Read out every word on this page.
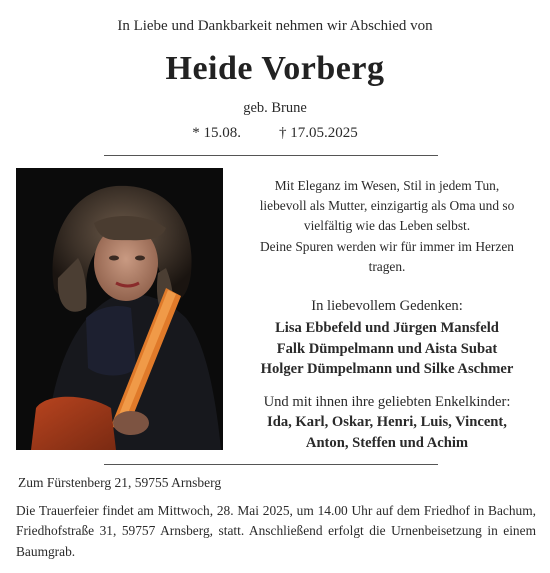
In Liebe und Dankbarkeit nehmen wir Abschied von
Heide Vorberg
geb. Brune
* 15.08.	† 17.05.2025
Mit Eleganz im Wesen, Stil in jedem Tun,
liebevoll als Mutter, einzigartig als Oma und so
vielfältig wie das Leben selbst.
Deine Spuren werden wir für immer im Herzen
tragen.
In liebevollem Gedenken:
Lisa Ebbefeld und Jürgen Mansfeld
Falk Dümpelmann und Aista Subat
Holger Dümpelmann und Silke Aschmer
Und mit ihnen ihre geliebten Enkelkinder:
Ida, Karl, Oskar, Henri, Luis, Vincent,
Anton, Steffen und Achim
Zum Fürstenberg 21, 59755 Arnsberg
Die Trauerfeier findet am Mittwoch, 28. Mai 2025, um 14.00 Uhr auf dem Friedhof in Bachum, Friedhofstraße 31, 59757 Arnsberg, statt. Anschließend erfolgt die Urnenbeisetzung in einem Baumgrab.
